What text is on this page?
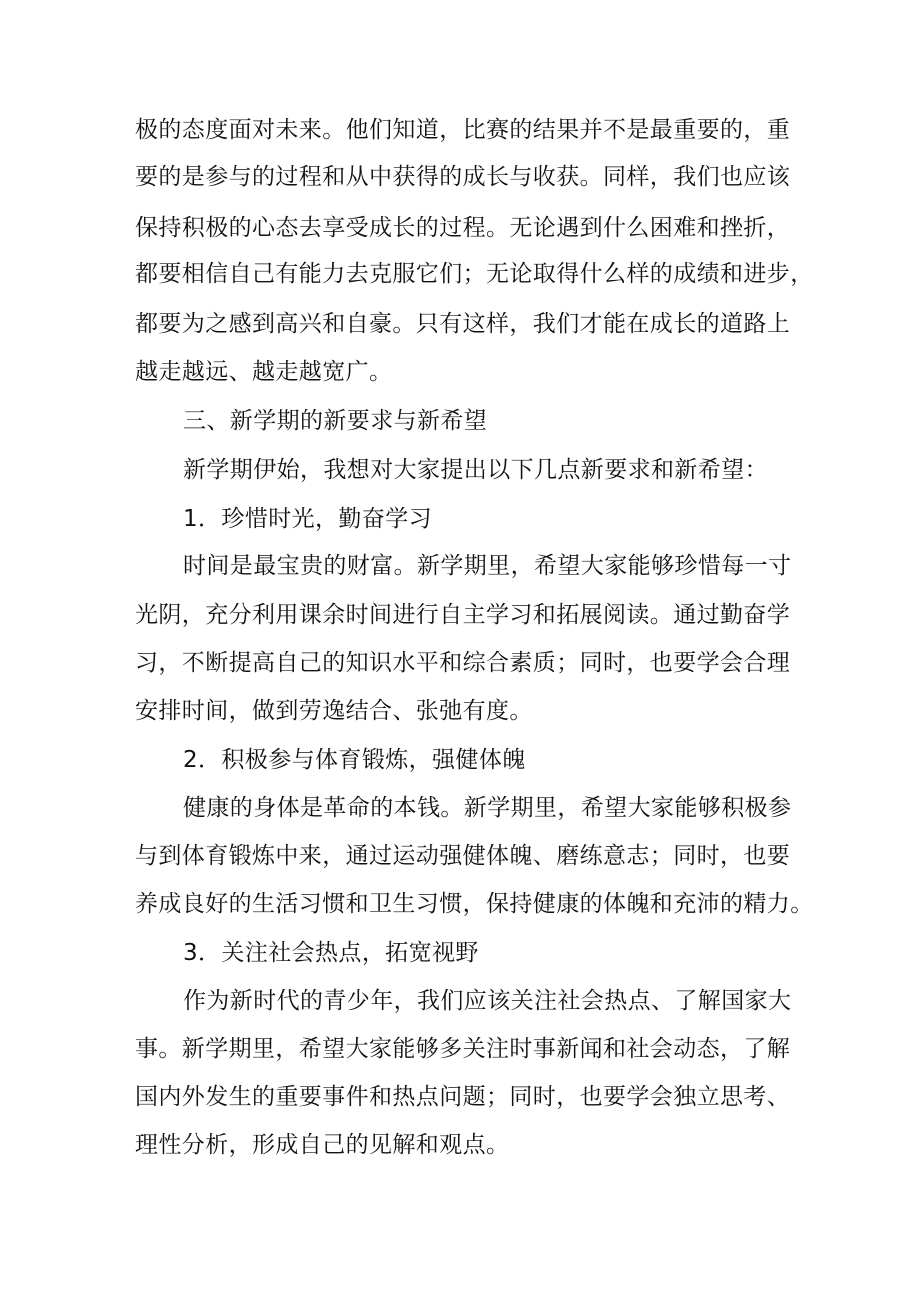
极的态度面对未来。他们知道，比赛的结果并不是最重要的，重
要的是参与的过程和从中获得的成长与收获。同样，我们也应该
保持积极的心态去享受成长的过程。无论遇到什么困难和挫折，
都要相信自己有能力去克服它们；无论取得什么样的成绩和进步，
都要为之感到高兴和自豪。只有这样，我们才能在成长的道路上
越走越远、越走越宽广。
三、新学期的新要求与新希望
新学期伊始，我想对大家提出以下几点新要求和新希望：
1．珍惜时光，勤奋学习
时间是最宝贵的财富。新学期里，希望大家能够珍惜每一寸
光阴，充分利用课余时间进行自主学习和拓展阅读。通过勤奋学
习，不断提高自己的知识水平和综合素质；同时，也要学会合理
安排时间，做到劳逸结合、张弛有度。
2．积极参与体育锻炼，强健体魄
健康的身体是革命的本钱。新学期里，希望大家能够积极参
与到体育锻炼中来，通过运动强健体魄、磨练意志；同时，也要
养成良好的生活习惯和卫生习惯，保持健康的体魄和充沛的精力。
3．关注社会热点，拓宽视野
作为新时代的青少年，我们应该关注社会热点、了解国家大
事。新学期里，希望大家能够多关注时事新闻和社会动态，了解
国内外发生的重要事件和热点问题；同时，也要学会独立思考、
理性分析，形成自己的见解和观点。
